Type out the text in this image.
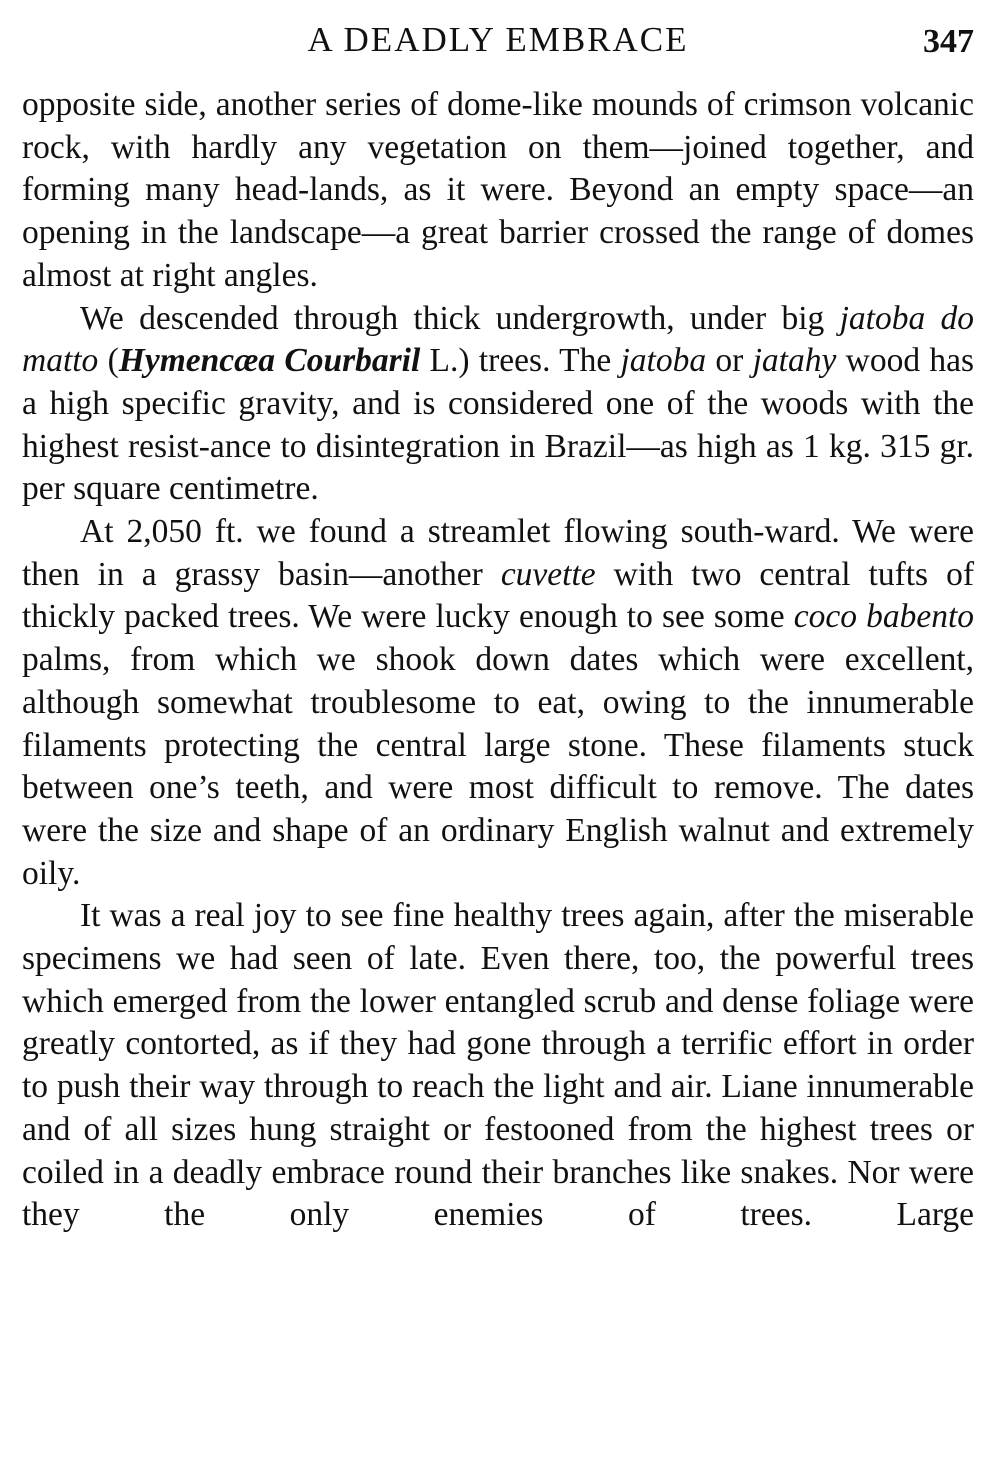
A DEADLY EMBRACE	347

opposite side, another series of dome-like mounds of crimson volcanic rock, with hardly any vegetation on them—joined together, and forming many head-lands, as it were. Beyond an empty space—an opening in the landscape—a great barrier crossed the range of domes almost at right angles.

We descended through thick undergrowth, under big jatoba do matto (Hymencæa Courbaril L.) trees. The jatoba or jatahy wood has a high specific gravity, and is considered one of the woods with the highest resist-ance to disintegration in Brazil—as high as 1 kg. 315 gr. per square centimetre.

At 2,050 ft. we found a streamlet flowing south-ward. We were then in a grassy basin—another cuvette with two central tufts of thickly packed trees. We were lucky enough to see some coco babento palms, from which we shook down dates which were excellent, although somewhat troublesome to eat, owing to the innumerable filaments protecting the central large stone. These filaments stuck between one’s teeth, and were most difficult to remove. The dates were the size and shape of an ordinary English walnut and extremely oily.

It was a real joy to see fine healthy trees again, after the miserable specimens we had seen of late. Even there, too, the powerful trees which emerged from the lower entangled scrub and dense foliage were greatly contorted, as if they had gone through a terrific effort in order to push their way through to reach the light and air. Liane innumerable and of all sizes hung straight or festooned from the highest trees or coiled in a deadly embrace round their branches like snakes. Nor were they the only enemies of trees. Large
